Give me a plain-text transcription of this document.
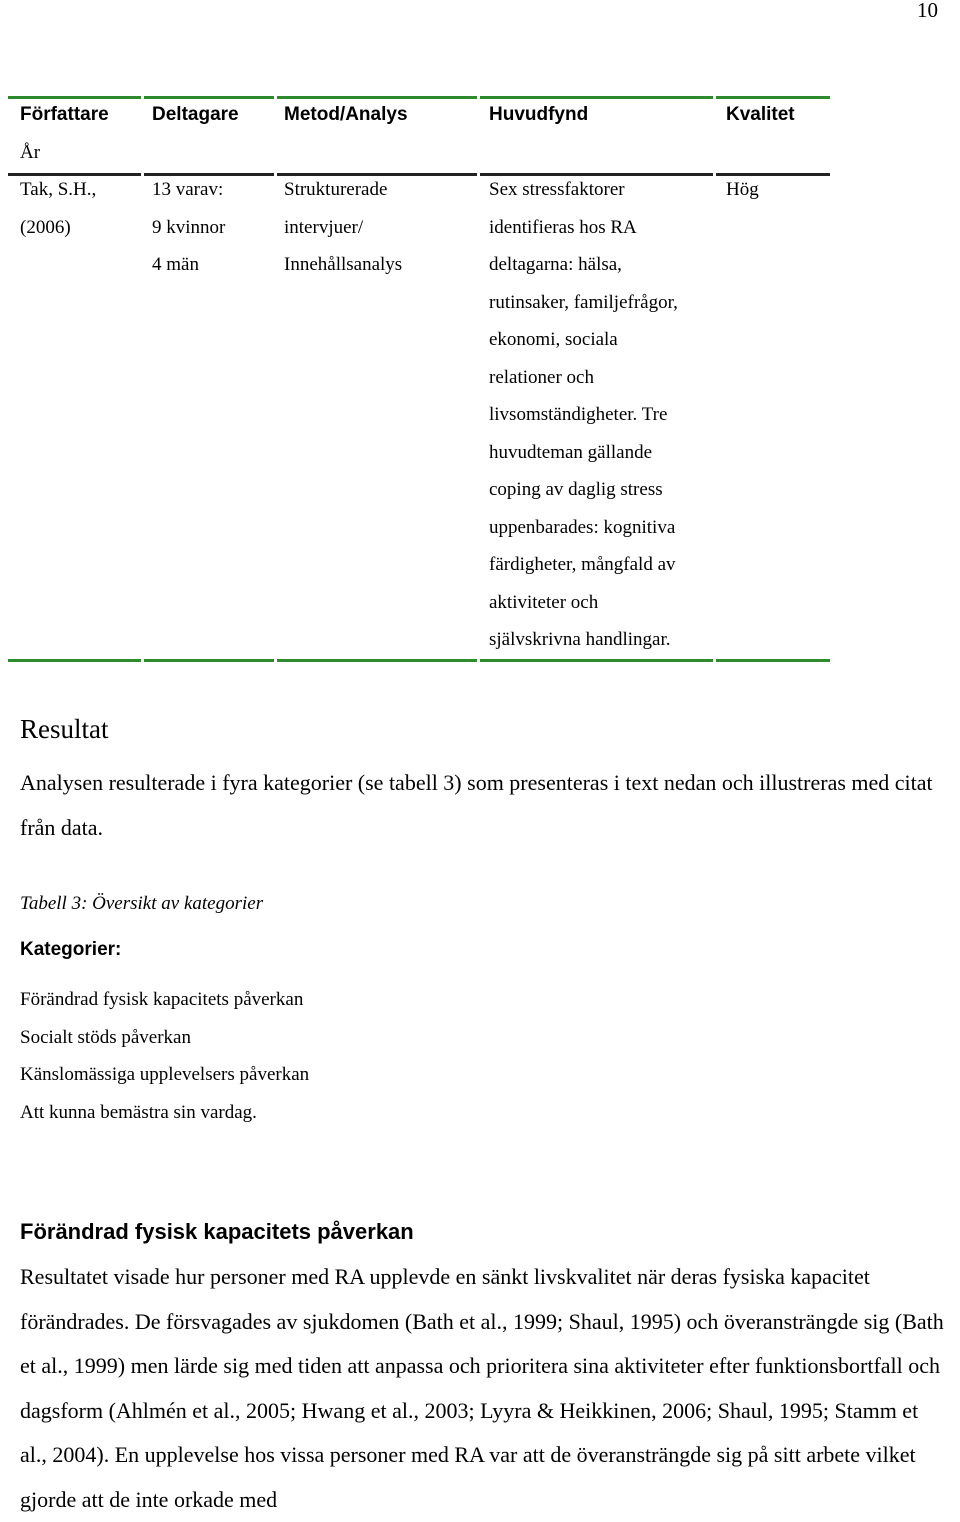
10
Författare
År
Deltagare Metod/Analys	Huvudfynd	Kvalitet
Tak, S.H.,
(2006)
13 varav:
9 kvinnor
4 män
Strukturerade
intervjuer/
Innehållsanalys
Sex stressfaktorer
identifieras hos RA
deltagarna: hälsa,
rutinsaker, familjefrågor,
ekonomi, sociala
relationer och
livsomständigheter. Tre
huvudteman gällande
coping av daglig stress
uppenbarades: kognitiva
färdigheter, mångfald av
aktiviteter och
självskrivna handlingar.
Hög
Resultat
Analysen resulterade i fyra kategorier (se tabell 3) som presenteras i text nedan och illustreras med citat från data.
Tabell 3: Översikt av kategorier
Kategorier:
Förändrad fysisk kapacitets påverkan
Socialt stöds påverkan
Känslomässiga upplevelsers påverkan
Att kunna bemästra sin vardag.
Förändrad fysisk kapacitets påverkan
Resultatet visade hur personer med RA upplevde en sänkt livskvalitet när deras fysiska kapacitet förändrades. De försvagades av sjukdomen (Bath et al., 1999; Shaul, 1995) och överansträngde sig (Bath et al., 1999) men lärde sig med tiden att anpassa och prioritera sina aktiviteter efter funktionsbortfall och dagsform (Ahlmén et al., 2005; Hwang et al., 2003; Lyyra & Heikkinen, 2006; Shaul, 1995; Stamm et al., 2004). En upplevelse hos vissa personer med RA var att de överansträngde sig på sitt arbete vilket gjorde att de inte orkade med
